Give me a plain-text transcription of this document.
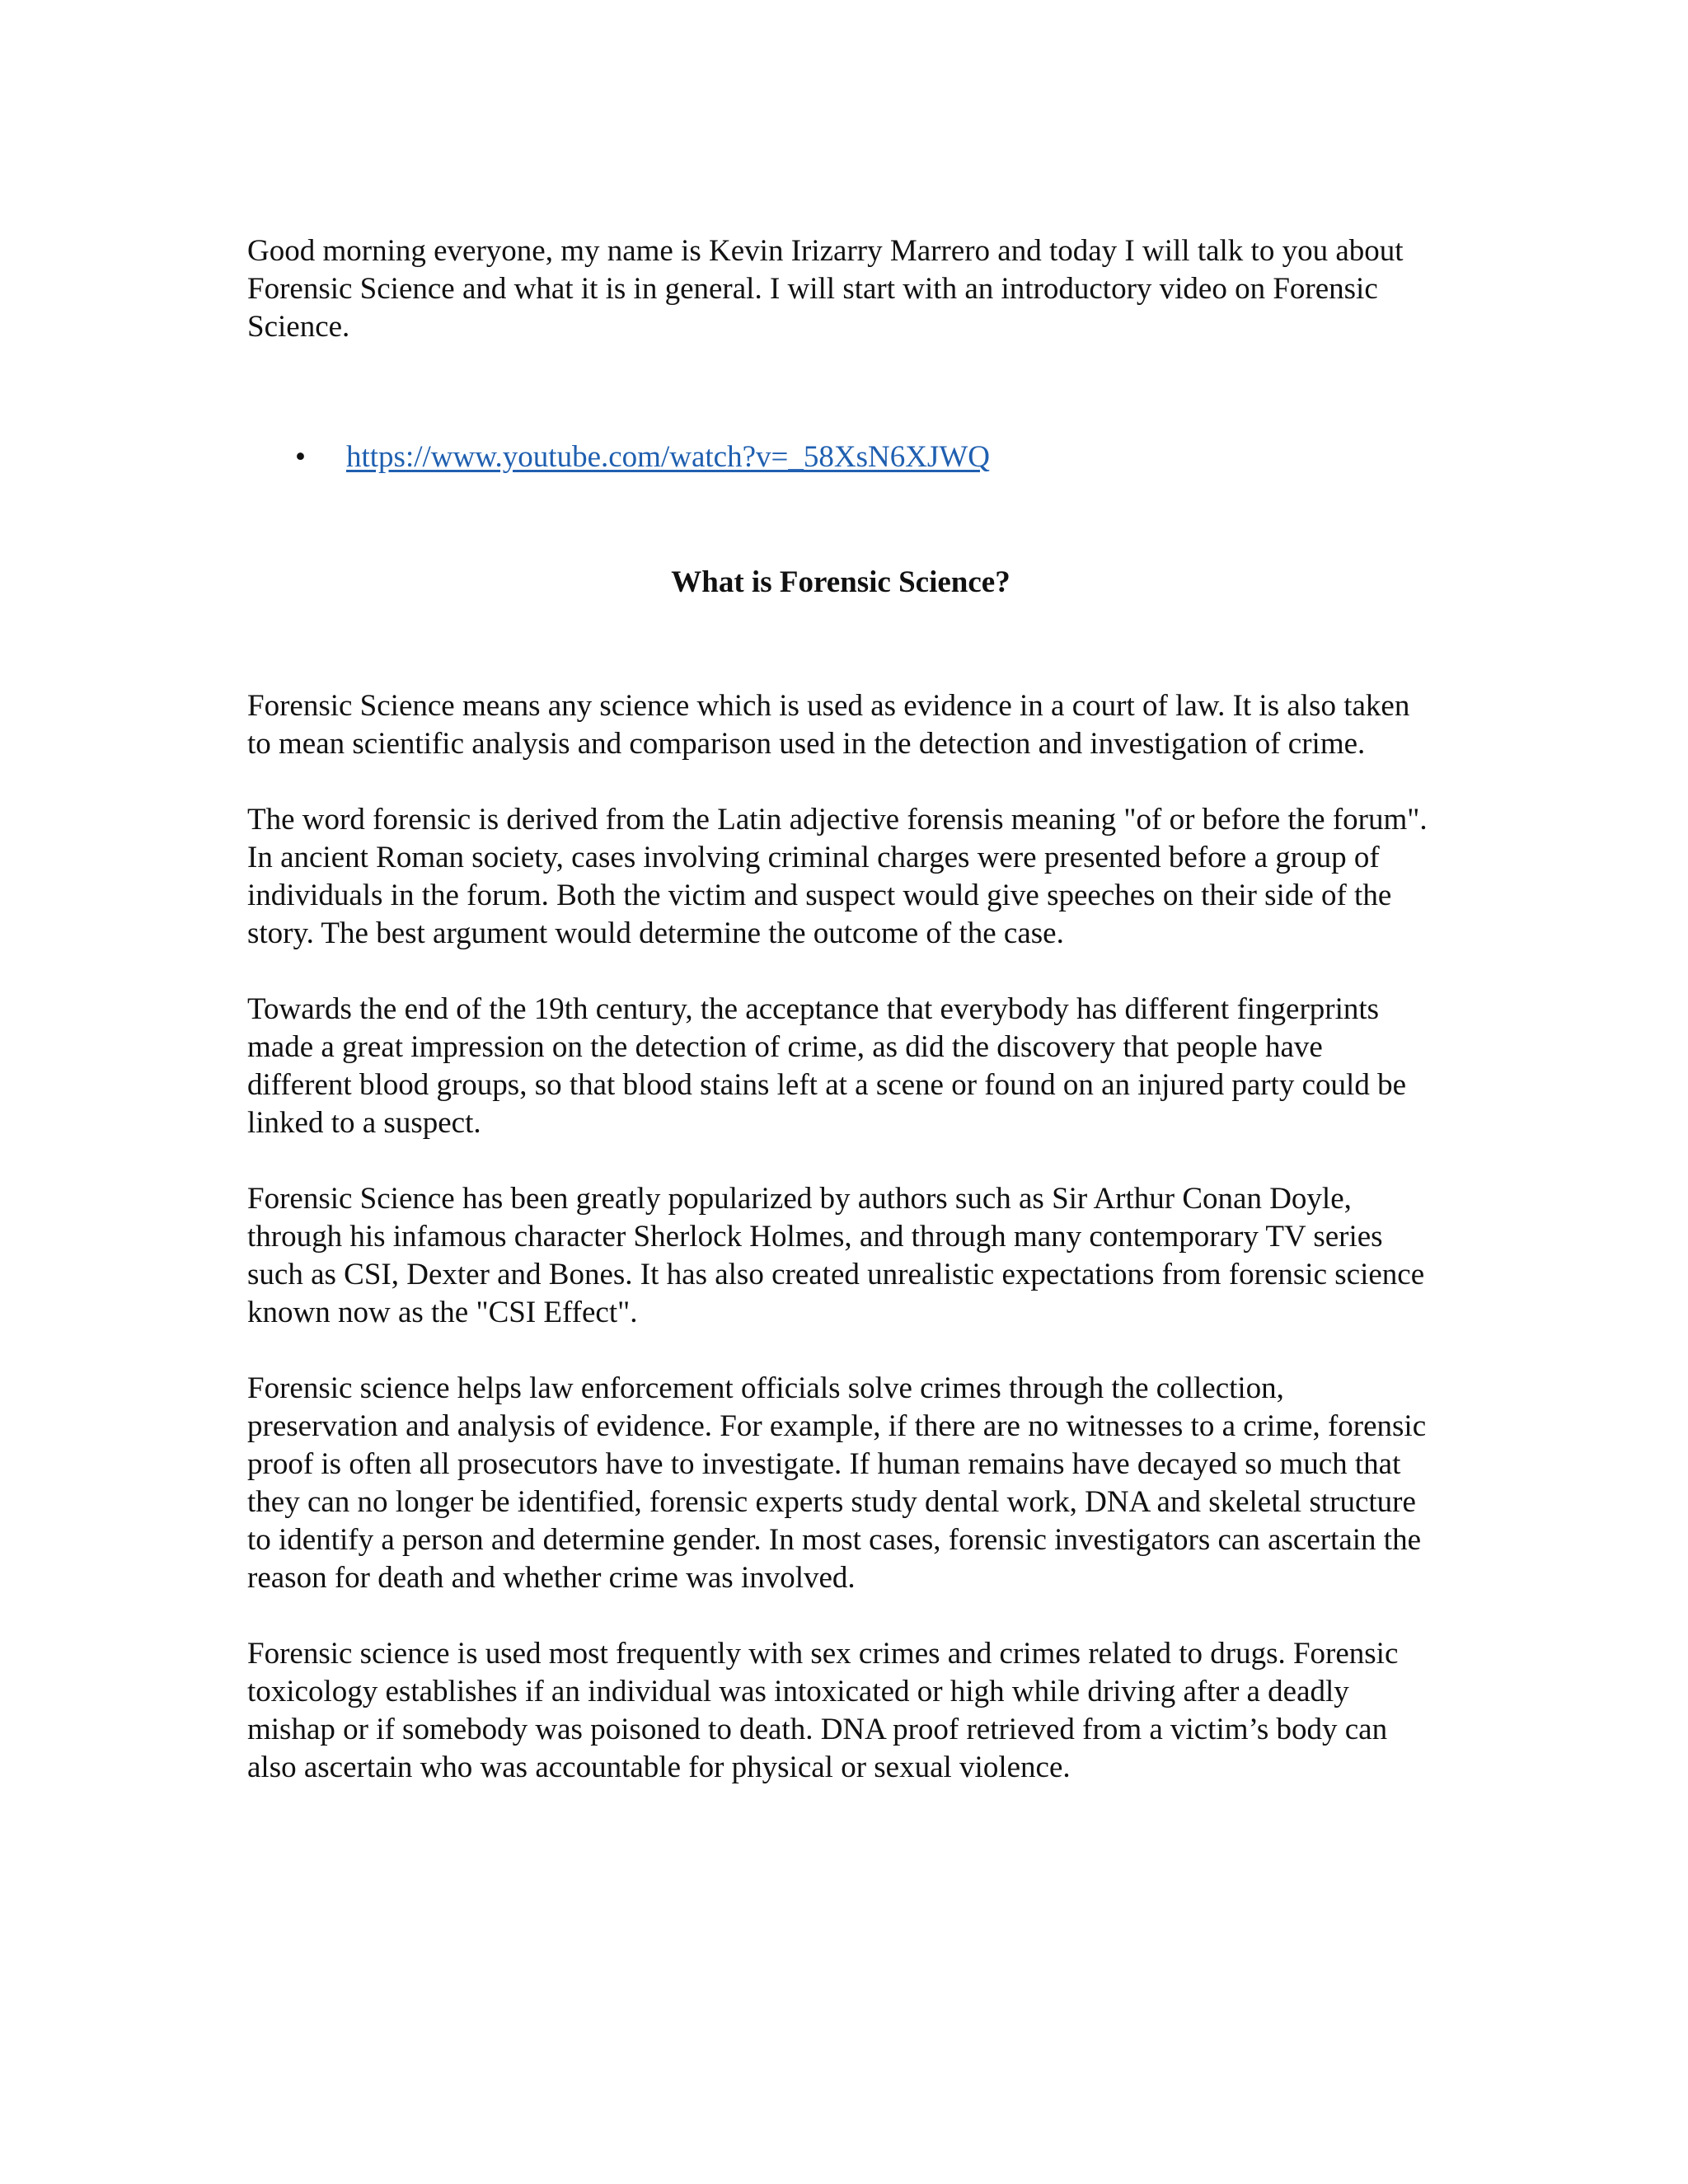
Good morning everyone, my name is Kevin Irizarry Marrero and today I will talk to you about Forensic Science and what it is in general. I will start with an introductory video on Forensic Science.

• https://www.youtube.com/watch?v=_58XsN6XJWQ

What is Forensic Science?

Forensic Science means any science which is used as evidence in a court of law. It is also taken to mean scientific analysis and comparison used in the detection and investigation of crime.

The word forensic is derived from the Latin adjective forensis meaning "of or before the forum". In ancient Roman society, cases involving criminal charges were presented before a group of individuals in the forum. Both the victim and suspect would give speeches on their side of the story. The best argument would determine the outcome of the case.

Towards the end of the 19th century, the acceptance that everybody has different fingerprints made a great impression on the detection of crime, as did the discovery that people have different blood groups, so that blood stains left at a scene or found on an injured party could be linked to a suspect.

Forensic Science has been greatly popularized by authors such as Sir Arthur Conan Doyle, through his infamous character Sherlock Holmes, and through many contemporary TV series such as CSI, Dexter and Bones. It has also created unrealistic expectations from forensic science known now as the "CSI Effect".

Forensic science helps law enforcement officials solve crimes through the collection, preservation and analysis of evidence. For example, if there are no witnesses to a crime, forensic proof is often all prosecutors have to investigate. If human remains have decayed so much that they can no longer be identified, forensic experts study dental work, DNA and skeletal structure to identify a person and determine gender. In most cases, forensic investigators can ascertain the reason for death and whether crime was involved.

Forensic science is used most frequently with sex crimes and crimes related to drugs. Forensic toxicology establishes if an individual was intoxicated or high while driving after a deadly mishap or if somebody was poisoned to death. DNA proof retrieved from a victim’s body can also ascertain who was accountable for physical or sexual violence.
